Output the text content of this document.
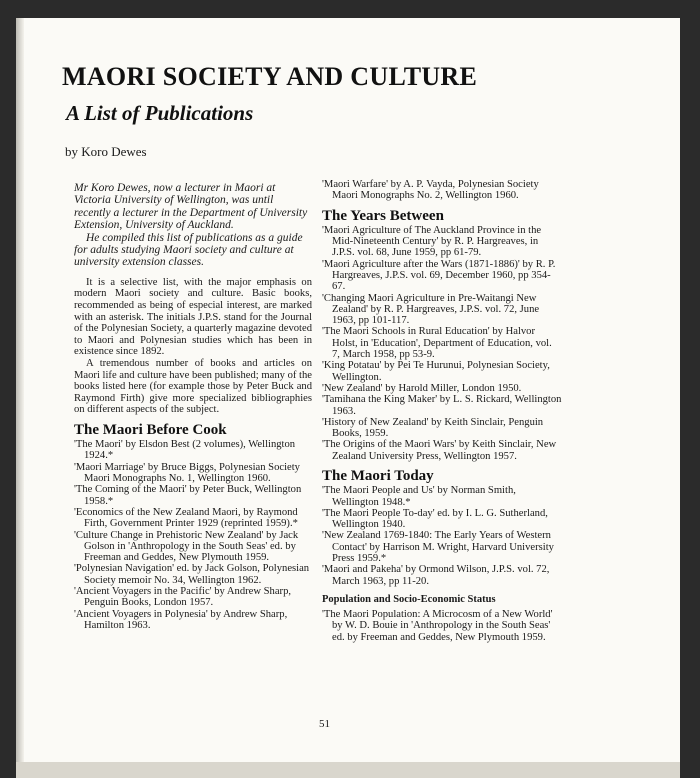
MAORI SOCIETY AND CULTURE
A List of Publications
by Koro Dewes

Mr Koro Dewes, now a lecturer in Maori at Victoria University of Wellington, was until recently a lecturer in the Department of University Extension, University of Auckland.

He compiled this list of publications as a guide for adults studying Maori society and culture at university extension classes.

It is a selective list, with the major emphasis on modern Maori society and culture. Basic books, recommended as being of especial interest, are marked with an asterisk. The initials J.P.S. stand for the Journal of the Polynesian Society, a quarterly magazine devoted to Maori and Polynesian studies which has been in existence since 1892.

A tremendous number of books and articles on Maori life and culture have been published; many of the books listed here (for example those by Peter Buck and Raymond Firth) give more specialized bibliographies on different aspects of the subject.

The Maori Before Cook
'The Maori' by Elsdon Best (2 volumes), Wellington 1924.*
'Maori Marriage' by Bruce Biggs, Polynesian Society Maori Monographs No. 1, Wellington 1960.
'The Coming of the Maori' by Peter Buck, Wellington 1958.*
'Economics of the New Zealand Maori, by Raymond Firth, Government Printer 1929 (reprinted 1959).*
'Culture Change in Prehistoric New Zealand' by Jack Golson in 'Anthropology in the South Seas' ed. by Freeman and Geddes, New Plymouth 1959.
'Polynesian Navigation' ed. by Jack Golson, Polynesian Society memoir No. 34, Wellington 1962.
'Ancient Voyagers in the Pacific' by Andrew Sharp, Penguin Books, London 1957.
'Ancient Voyagers in Polynesia' by Andrew Sharp, Hamilton 1963.
'Maori Warfare' by A. P. Vayda, Polynesian Society Maori Monographs No. 2, Wellington 1960.
The Years Between
'Maori Agriculture of The Auckland Province in the Mid-Nineteenth Century' by R. P. Hargreaves, in J.P.S. vol. 68, June 1959, pp 61-79.
'Maori Agriculture after the Wars (1871-1886)' by R. P. Hargreaves, J.P.S. vol. 69, December 1960, pp 354-67.
'Changing Maori Agriculture in Pre-Waitangi New Zealand' by R. P. Hargreaves, J.P.S. vol. 72, June 1963, pp 101-117.
'The Maori Schools in Rural Education' by Halvor Holst, in 'Education', Department of Education, vol. 7, March 1958, pp 53-9.
'King Potatau' by Pei Te Hurunui, Polynesian Society, Wellington.
'New Zealand' by Harold Miller, London 1950.
'Tamihana the King Maker' by L. S. Rickard, Wellington 1963.
'History of New Zealand' by Keith Sinclair, Penguin Books, 1959.
'The Origins of the Maori Wars' by Keith Sinclair, New Zealand University Press, Wellington 1957.
The Maori Today
'The Maori People and Us' by Norman Smith, Wellington 1948.*
'The Maori People To-day' ed. by I. L. G. Sutherland, Wellington 1940.
'New Zealand 1769-1840: The Early Years of Western Contact' by Harrison M. Wright, Harvard University Press 1959.*
'Maori and Pakeha' by Ormond Wilson, J.P.S. vol. 72, March 1963, pp 11-20.
Population and Socio-Economic Status
'The Maori Population: A Microcosm of a New World' by W. D. Bouie in 'Anthropology in the South Seas' ed. by Freeman and Geddes, New Plymouth 1959.
51
